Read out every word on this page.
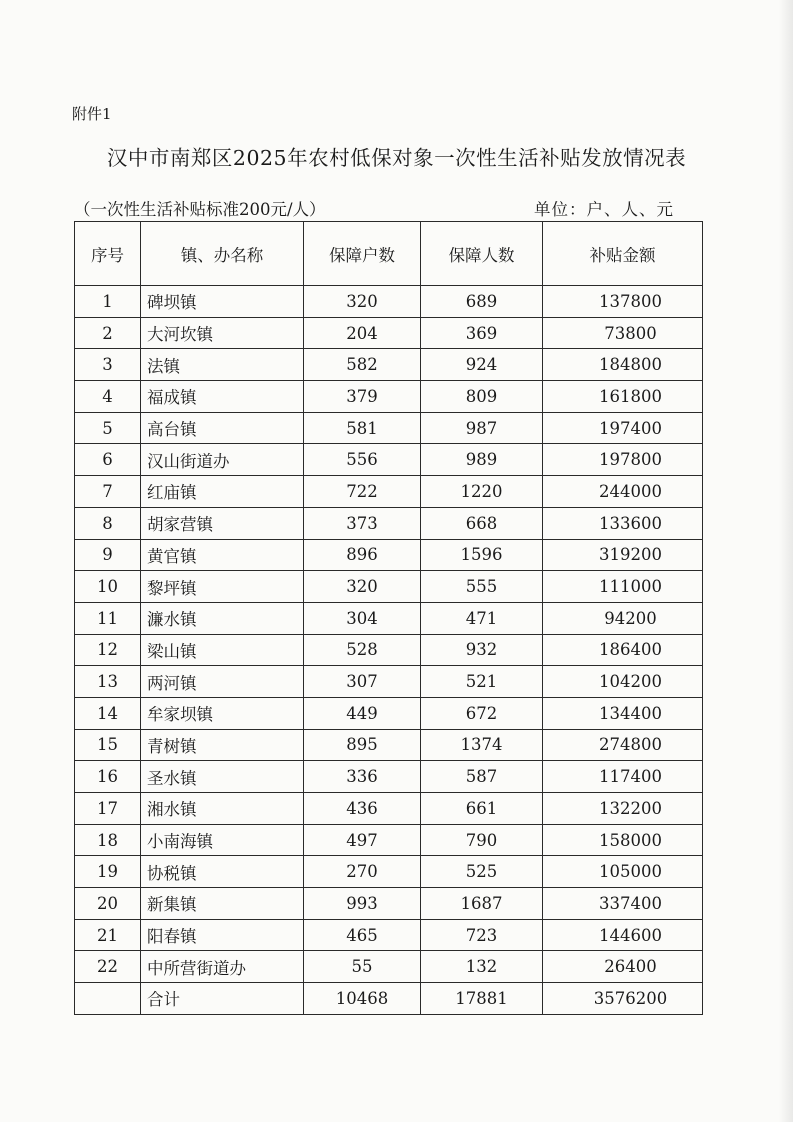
附件1
汉中市南郑区2025年农村低保对象一次性生活补贴发放情况表
（一次性生活补贴标准200元/人）	单位：户、人、元
序号	镇、办名称	保障户数	保障人数	补贴金额
1	碑坝镇	320	689	137800
2	大河坎镇	204	369	73800
3	法镇	582	924	184800
4	福成镇	379	809	161800
5	高台镇	581	987	197400
6	汉山街道办	556	989	197800
7	红庙镇	722	1220	244000
8	胡家营镇	373	668	133600
9	黄官镇	896	1596	319200
10	黎坪镇	320	555	111000
11	濂水镇	304	471	94200
12	梁山镇	528	932	186400
13	两河镇	307	521	104200
14	牟家坝镇	449	672	134400
15	青树镇	895	1374	274800
16	圣水镇	336	587	117400
17	湘水镇	436	661	132200
18	小南海镇	497	790	158000
19	协税镇	270	525	105000
20	新集镇	993	1687	337400
21	阳春镇	465	723	144600
22	中所营街道办	55	132	26400
	合计	10468	17881	3576200
